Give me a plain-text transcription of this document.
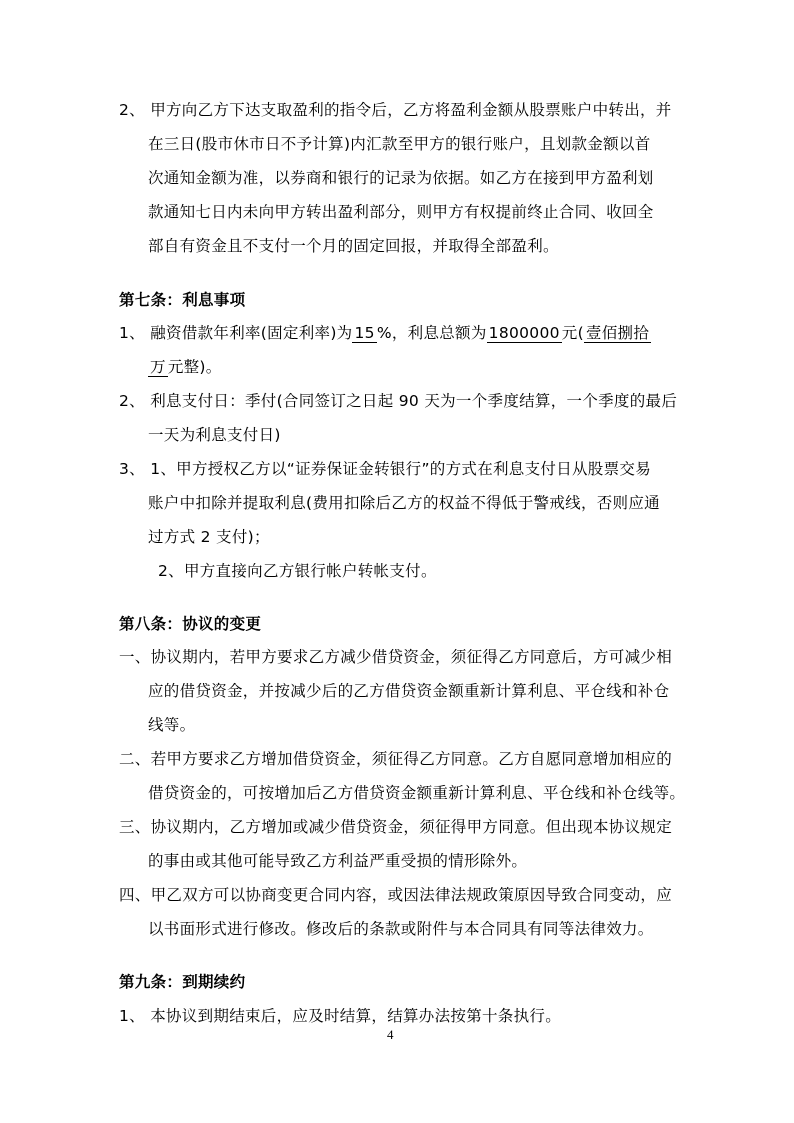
2、 甲方向乙方下达支取盈利的指令后，乙方将盈利金额从股票账户中转出，并
在三日(股市休市日不予计算)内汇款至甲方的银行账户，且划款金额以首
次通知金额为准，以券商和银行的记录为依据。如乙方在接到甲方盈利划
款通知七日内未向甲方转出盈利部分，则甲方有权提前终止合同、收回全
部自有资金且不支付一个月的固定回报，并取得全部盈利。
第七条：利息事项
1、 融资借款年利率(固定利率)为 15 %，利息总额为 1800000 元( 壹佰捌拾
万 元整)。
2、 利息支付日：季付(合同签订之日起 90 天为一个季度结算，一个季度的最后
一天为利息支付日)
3、 1、甲方授权乙方以“证券保证金转银行”的方式在利息支付日从股票交易
账户中扣除并提取利息(费用扣除后乙方的权益不得低于警戒线，否则应通
过方式 2 支付)；
2、甲方直接向乙方银行帐户转帐支付。
第八条：协议的变更
一、协议期内，若甲方要求乙方减少借贷资金，须征得乙方同意后，方可减少相
应的借贷资金，并按减少后的乙方借贷资金额重新计算利息、平仓线和补仓
线等。
二、若甲方要求乙方增加借贷资金，须征得乙方同意。乙方自愿同意增加相应的
借贷资金的，可按增加后乙方借贷资金额重新计算利息、平仓线和补仓线等。
三、协议期内，乙方增加或减少借贷资金，须征得甲方同意。但出现本协议规定
的事由或其他可能导致乙方利益严重受损的情形除外。
四、甲乙双方可以协商变更合同内容，或因法律法规政策原因导致合同变动，应
以书面形式进行修改。修改后的条款或附件与本合同具有同等法律效力。
第九条：到期续约
1、 本协议到期结束后，应及时结算，结算办法按第十条执行。
4
